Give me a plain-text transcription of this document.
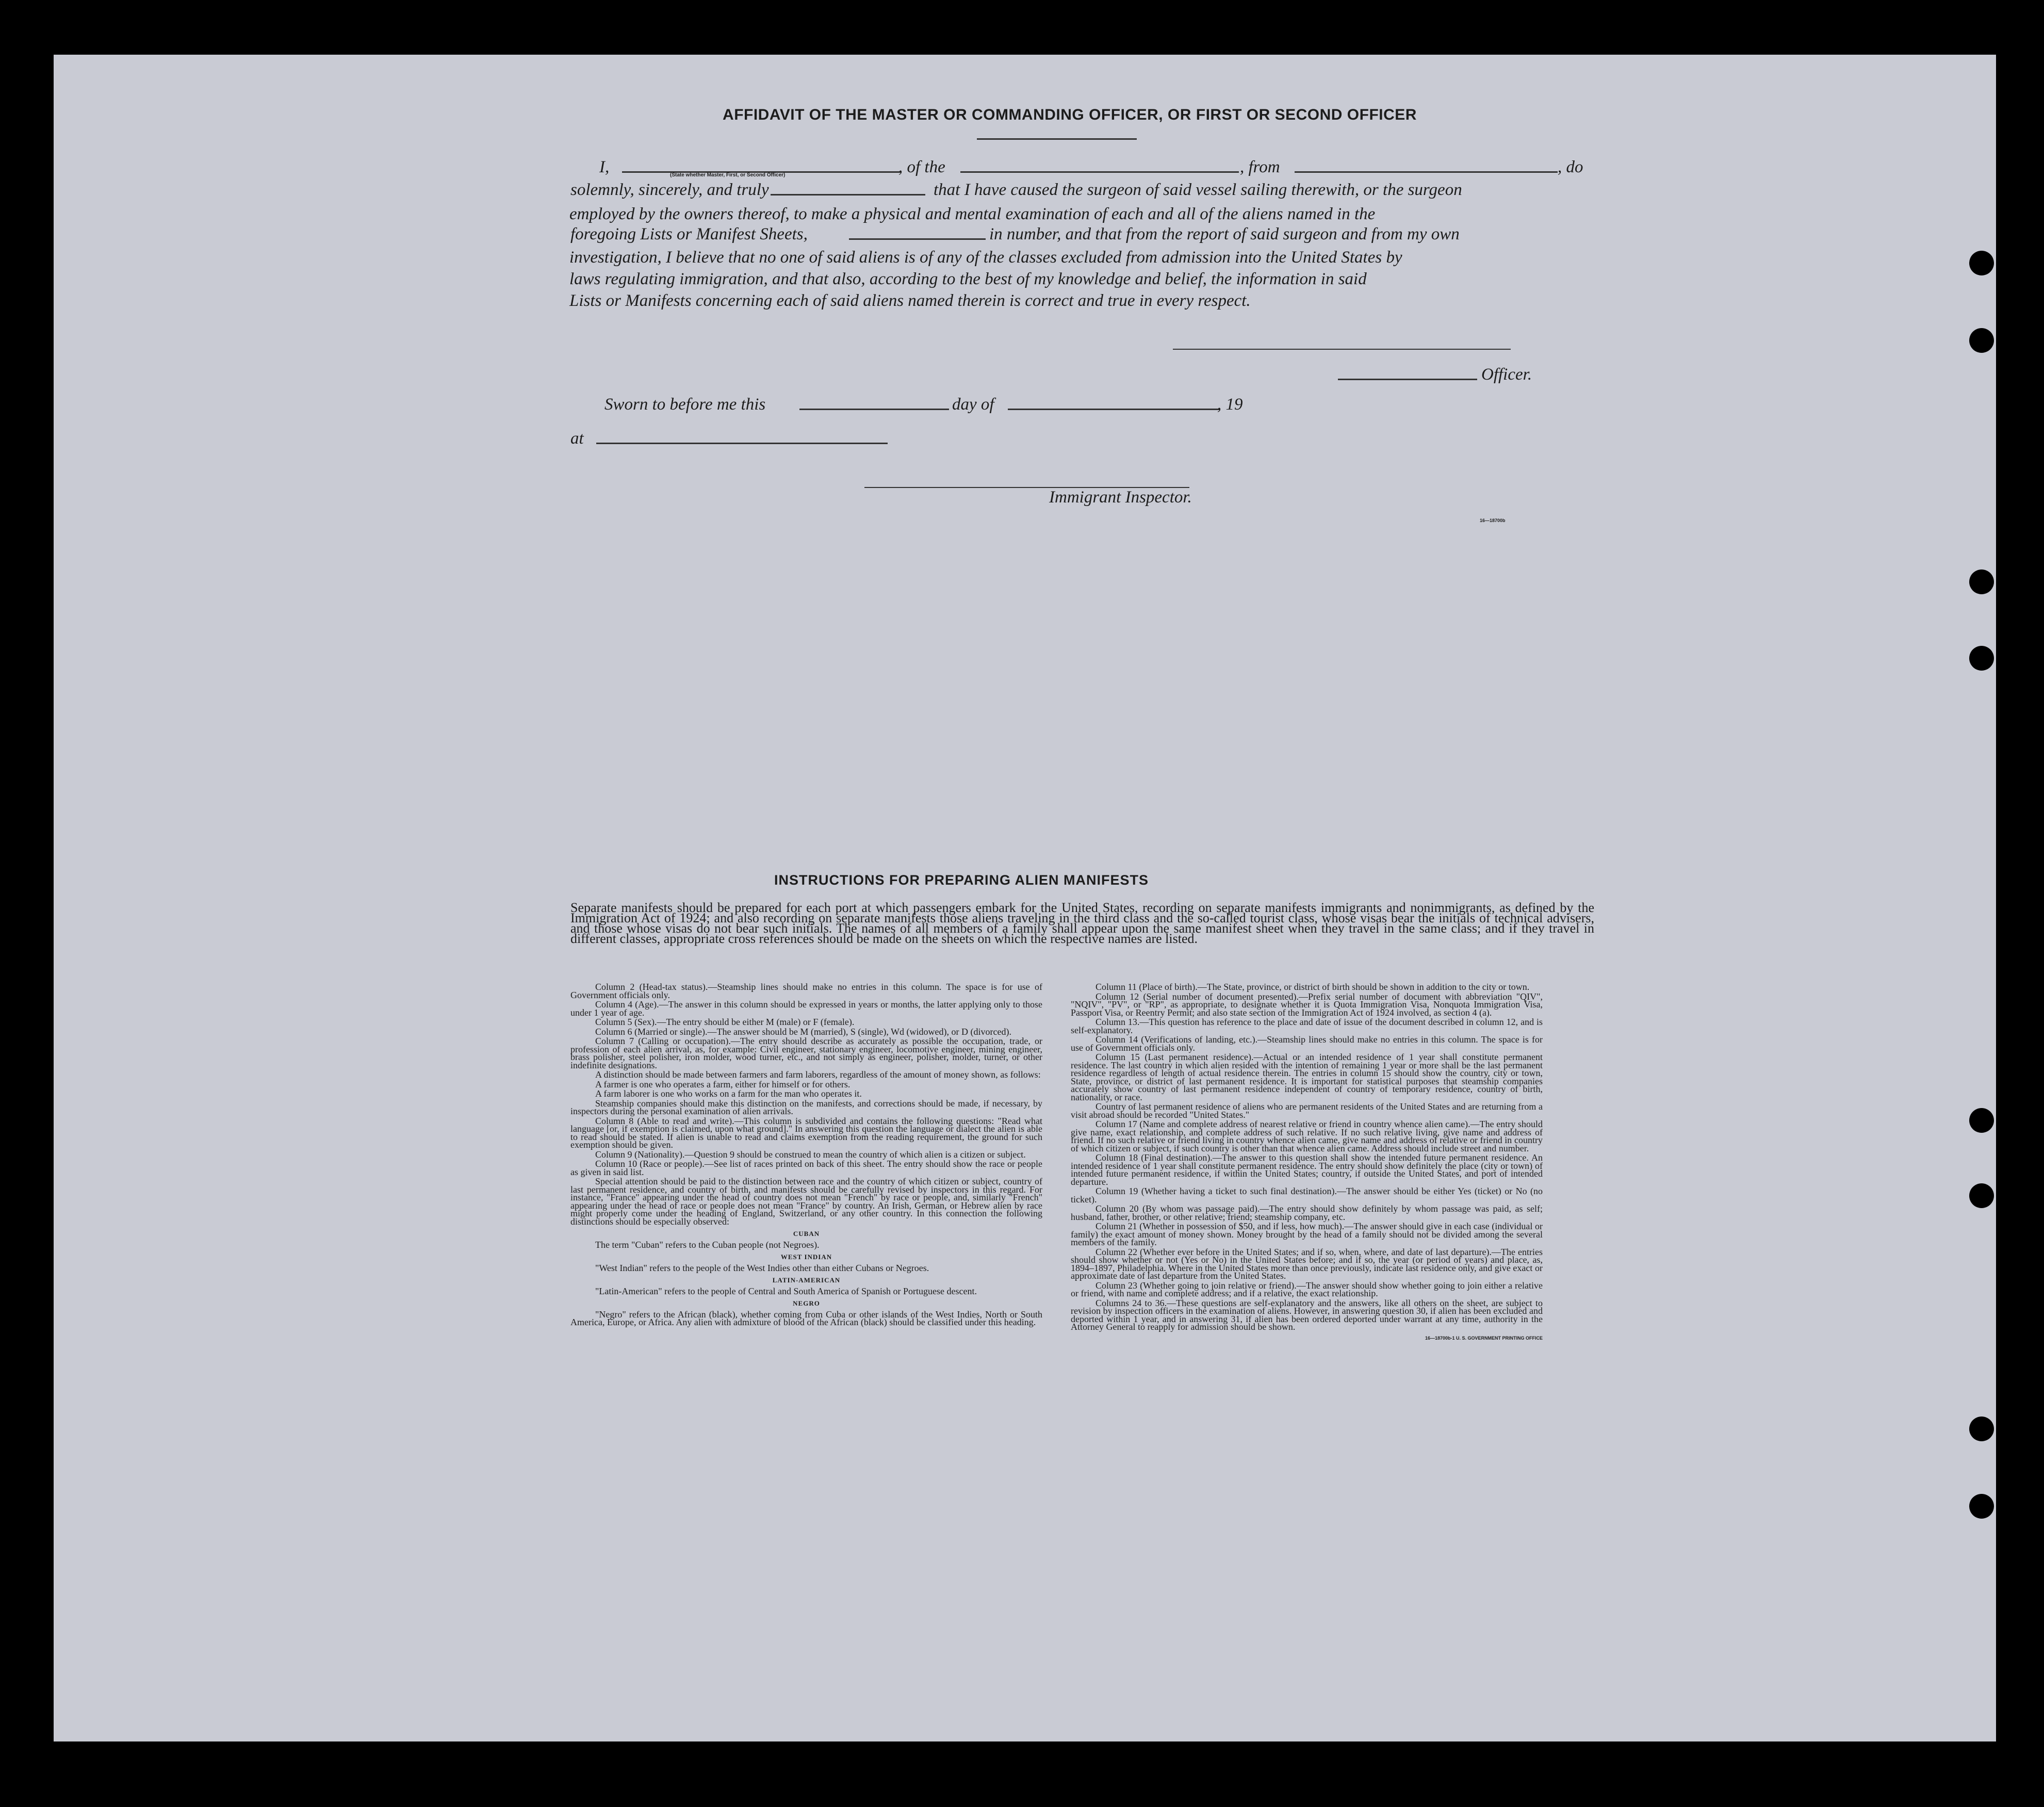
AFFIDAVIT OF THE MASTER OR COMMANDING OFFICER, OR FIRST OR SECOND OFFICER
I,	, of the	, from	, do
(State whether Master, First, or Second Officer)
solemnly, sincerely, and truly	that I have caused the surgeon of said vessel sailing therewith, or the surgeon
employed by the owners thereof, to make a physical and mental examination of each and all of the aliens named in the
foregoing Lists or Manifest Sheets,	in number, and that from the report of said surgeon and from my own
investigation, I believe that no one of said aliens is of any of the classes excluded from admission into the United States by
laws regulating immigration, and that also, according to the best of my knowledge and belief, the information in said
Lists or Manifests concerning each of said aliens named therein is correct and true in every respect.
Officer.
Sworn to before me this	day of	, 19
at
Immigrant Inspector.
16—18700b
INSTRUCTIONS FOR PREPARING ALIEN MANIFESTS
Separate manifests should be prepared for each port at which passengers embark for the United States, recording on separate manifests immigrants and nonimmigrants, as defined by the Immigration Act of 1924; and also recording on separate manifests those aliens traveling in the third class and the so-called tourist class, whose visas bear the initials of technical advisers, and those whose visas do not bear such initials. The names of all members of a family shall appear upon the same manifest sheet when they travel in the same class; and if they travel in different classes, appropriate cross references should be made on the sheets on which the respective names are listed.

Column 2 (Head-tax status).—Steamship lines should make no entries in this column. The space is for use of Government officials only.

Column 4 (Age).—The answer in this column should be expressed in years or months, the latter applying only to those under 1 year of age.

Column 5 (Sex).—The entry should be either M (male) or F (female).

Column 6 (Married or single).—The answer should be M (married), S (single), Wd (widowed), or D (divorced).

Column 7 (Calling or occupation).—The entry should describe as accurately as possible the occupation, trade, or profession of each alien arrival, as, for example: Civil engineer, stationary engineer, locomotive engineer, mining engineer, brass polisher, steel polisher, iron molder, wood turner, etc., and not simply as engineer, polisher, molder, turner, or other indefinite designations.

A distinction should be made between farmers and farm laborers, regardless of the amount of money shown, as follows:

A farmer is one who operates a farm, either for himself or for others.

A farm laborer is one who works on a farm for the man who operates it.

Steamship companies should make this distinction on the manifests, and corrections should be made, if necessary, by inspectors during the personal examination of alien arrivals.

Column 8 (Able to read and write).—This column is subdivided and contains the following questions: "Read what language [or, if exemption is claimed, upon what ground]." In answering this question the language or dialect the alien is able to read should be stated. If alien is unable to read and claims exemption from the reading requirement, the ground for such exemption should be given.

Column 9 (Nationality).—Question 9 should be construed to mean the country of which alien is a citizen or subject.

Column 10 (Race or people).—See list of races printed on back of this sheet. The entry should show the race or people as given in said list.

Special attention should be paid to the distinction between race and the country of which citizen or subject, country of last permanent residence, and country of birth, and manifests should be carefully revised by inspectors in this regard. For instance, "France" appearing under the head of country does not mean "French" by race or people, and, similarly "French" appearing under the head of race or people does not mean "France" by country. An Irish, German, or Hebrew alien by race might properly come under the heading of England, Switzerland, or any other country. In this connection the following distinctions should be especially observed:

CUBAN

The term "Cuban" refers to the Cuban people (not Negroes).

WEST INDIAN

"West Indian" refers to the people of the West Indies other than either Cubans or Negroes.

LATIN-AMERICAN

"Latin-American" refers to the people of Central and South America of Spanish or Portuguese descent.

NEGRO

"Negro" refers to the African (black), whether coming from Cuba or other islands of the West Indies, North or South America, Europe, or Africa. Any alien with admixture of blood of the African (black) should be classified under this heading.

Column 11 (Place of birth).—The State, province, or district of birth should be shown in addition to the city or town.

Column 12 (Serial number of document presented).—Prefix serial number of document with abbreviation "QIV", "NQIV", "PV", or "RP", as appropriate, to designate whether it is Quota Immigration Visa, Nonquota Immigration Visa, Passport Visa, or Reentry Permit; and also state section of the Immigration Act of 1924 involved, as section 4 (a).

Column 13.—This question has reference to the place and date of issue of the document described in column 12, and is self-explanatory.

Column 14 (Verifications of landing, etc.).—Steamship lines should make no entries in this column. The space is for use of Government officials only.

Column 15 (Last permanent residence).—Actual or an intended residence of 1 year shall constitute permanent residence. The last country in which alien resided with the intention of remaining 1 year or more shall be the last permanent residence regardless of length of actual residence therein. The entries in column 15 should show the country, city or town, State, province, or district of last permanent residence. It is important for statistical purposes that steamship companies accurately show country of last permanent residence independent of country of temporary residence, country of birth, nationality, or race.

Country of last permanent residence of aliens who are permanent residents of the United States and are returning from a visit abroad should be recorded "United States."

Column 17 (Name and complete address of nearest relative or friend in country whence alien came).—The entry should give name, exact relationship, and complete address of such relative. If no such relative living, give name and address of friend. If no such relative or friend living in country whence alien came, give name and address of relative or friend in country of which citizen or subject, if such country is other than that whence alien came. Address should include street and number.

Column 18 (Final destination).—The answer to this question shall show the intended future permanent residence. An intended residence of 1 year shall constitute permanent residence. The entry should show definitely the place (city or town) of intended future permanent residence, if within the United States; country, if outside the United States, and port of intended departure.

Column 19 (Whether having a ticket to such final destination).—The answer should be either Yes (ticket) or No (no ticket).

Column 20 (By whom was passage paid).—The entry should show definitely by whom passage was paid, as self; husband, father, brother, or other relative; friend; steamship company, etc.

Column 21 (Whether in possession of $50, and if less, how much).—The answer should give in each case (individual or family) the exact amount of money shown. Money brought by the head of a family should not be divided among the several members of the family.

Column 22 (Whether ever before in the United States; and if so, when, where, and date of last departure).—The entries should show whether or not (Yes or No) in the United States before; and if so, the year (or period of years) and place, as, 1894–1897, Philadelphia. Where in the United States more than once previously, indicate last residence only, and give exact or approximate date of last departure from the United States.

Column 23 (Whether going to join relative or friend).—The answer should show whether going to join either a relative or friend, with name and complete address; and if a relative, the exact relationship.

Columns 24 to 36.—These questions are self-explanatory and the answers, like all others on the sheet, are subject to revision by inspection officers in the examination of aliens. However, in answering question 30, if alien has been excluded and deported within 1 year, and in answering 31, if alien has been ordered deported under warrant at any time, authority in the Attorney General to reapply for admission should be shown.

16—18700b-1 U. S. GOVERNMENT PRINTING OFFICE
